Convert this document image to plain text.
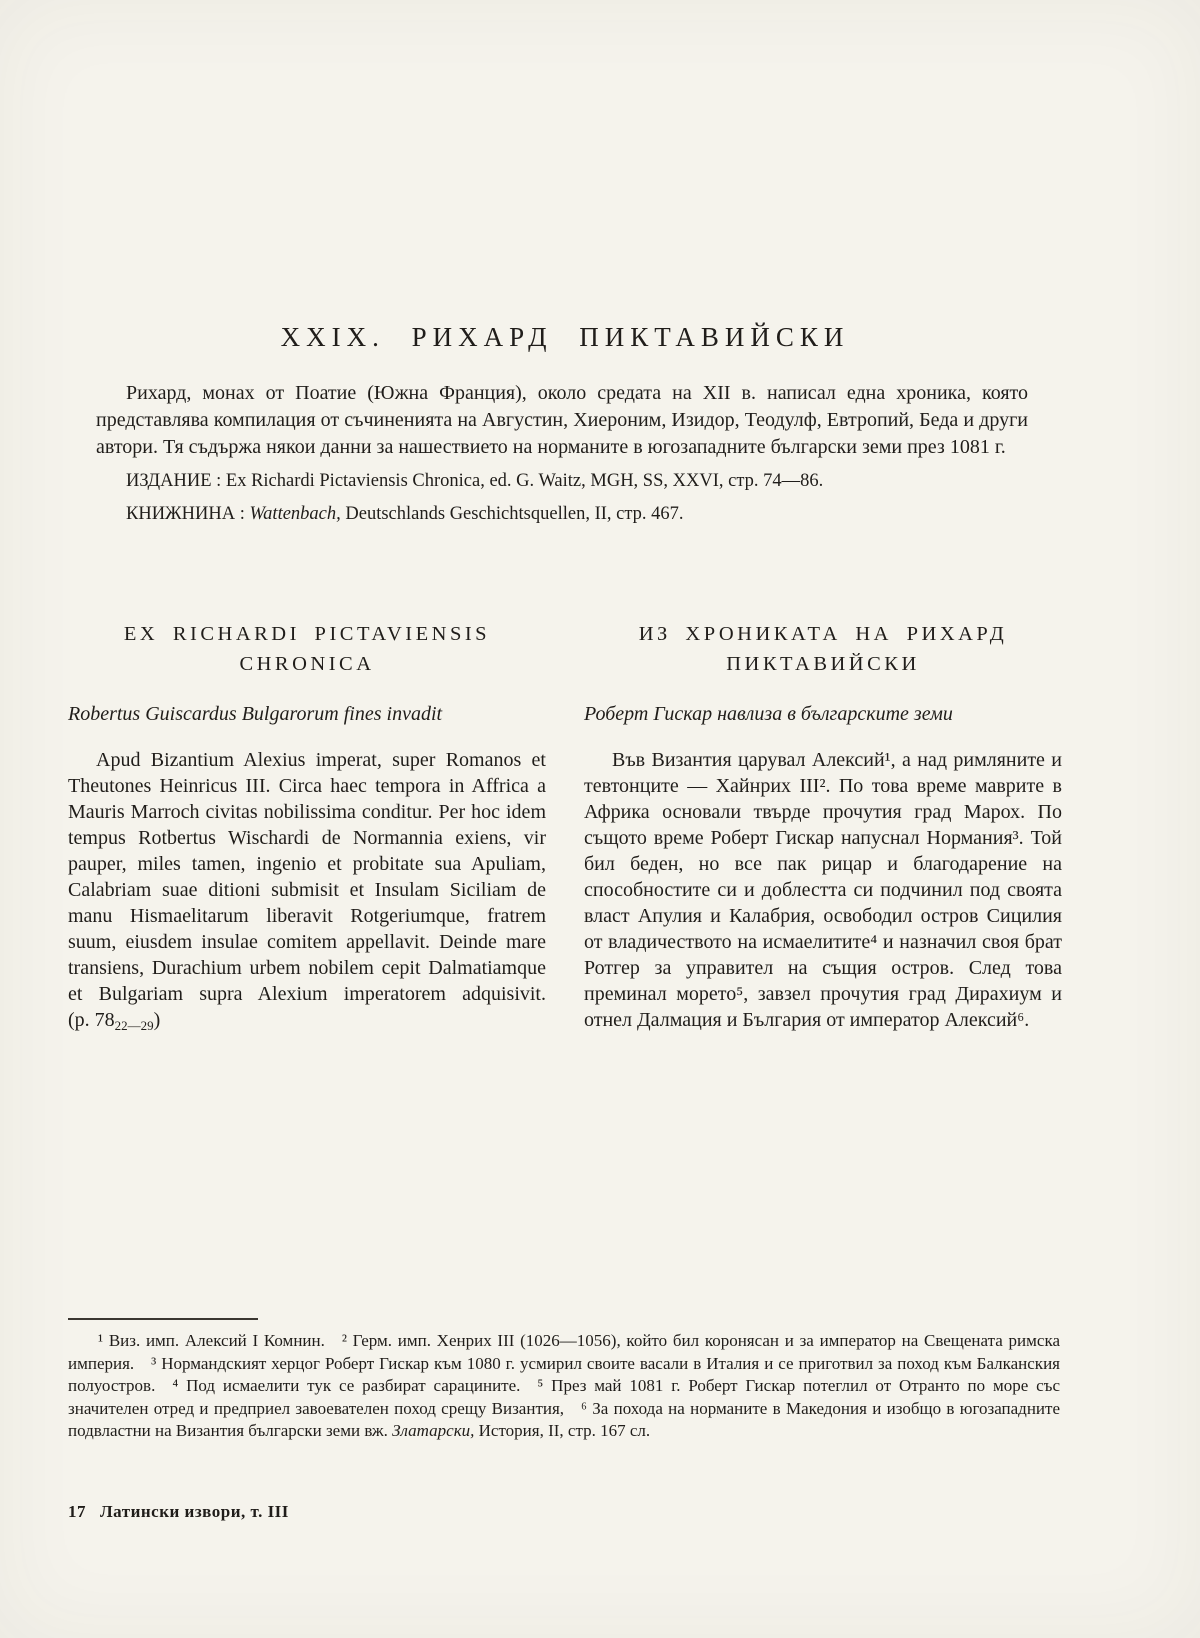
XXIX. РИХАРД ПИКТАВИЙСКИ

Рихард, монах от Поатие (Южна Франция), около средата на XII в. написал една хроника, която представлява компилация от съчиненията на Августин, Хиероним, Изидор, Теодулф, Евтропий, Беда и други автори. Тя съдържа някои данни за нашествието на норманите в югозападните български земи през 1081 г.

ИЗДАНИЕ : Ex Richardi Pictaviensis Chronica, ed. G. Waitz, MGH, SS, XXVI, стр. 74—86.

КНИЖНИНА : Wattenbach, Deutschlands Geschichtsquellen, II, стр. 467.

EX RICHARDI PICTAVIENSIS
CHRONICA
Robertus Guiscardus Bulgarorum fines invadit

Apud Bizantium Alexius imperat, super Romanos et Theutones Heinricus III. Circa haec tempora in Affrica a Mauris Marroch civitas nobilissima conditur. Per hoc idem tempus Rotbertus Wischardi de Normannia exiens, vir pauper, miles tamen, ingenio et probitate sua Apuliam, Calabriam suae ditioni submisit et Insulam Siciliam de manu Hismaelitarum liberavit Rotgeriumque, fratrem suum, eiusdem insulae comitem appellavit. Deinde mare transiens, Durachium urbem nobilem cepit Dalmatiamque et Bulgariam supra Alexium imperatorem adquisivit. (p. $78_{22—29}$)

ИЗ ХРОНИКАТА НА РИХАРД
ПИКТАВИЙСКИ
Роберт Гискар навлиза в българските земи

Във Византия царувал Алексий¹, а над римляните и тевтонците — Хайнрих III². По това време маврите в Африка основали твърде прочутия град Марох. По същото време Роберт Гискар напуснал Нормания³. Той бил беден, но все пак рицар и благодарение на способностите си и доблестта си подчинил под своята власт Апулия и Калабрия, освободил остров Сицилия от владичеството на исмаелитите⁴ и назначил своя брат Ротгер за управител на същия остров. След това преминал морето⁵, завзел прочутия град Дирахиум и отнел Далмация и България от император Алексий⁶.

¹ Виз. имп. Алексий I Комнин. ² Герм. имп. Хенрих III (1026—1056), който бил коронясан и за император на Свещената римска империя. ³ Нормандският херцог Роберт Гискар към 1080 г. усмирил своите васали в Италия и се приготвил за поход към Балканския полуостров. ⁴ Под исмаелити тук се разбират сарацините. ⁵ През май 1081 г. Роберт Гискар потеглил от Отранто по море със значителен отред и предприел завоевателен поход срещу Византия, ⁶ За похода на норманите в Македония и изобщо в югозападните подвластни на Византия български земи вж. Златарски, История, II, стр. 167 сл.

17 Латински извори, т. III
